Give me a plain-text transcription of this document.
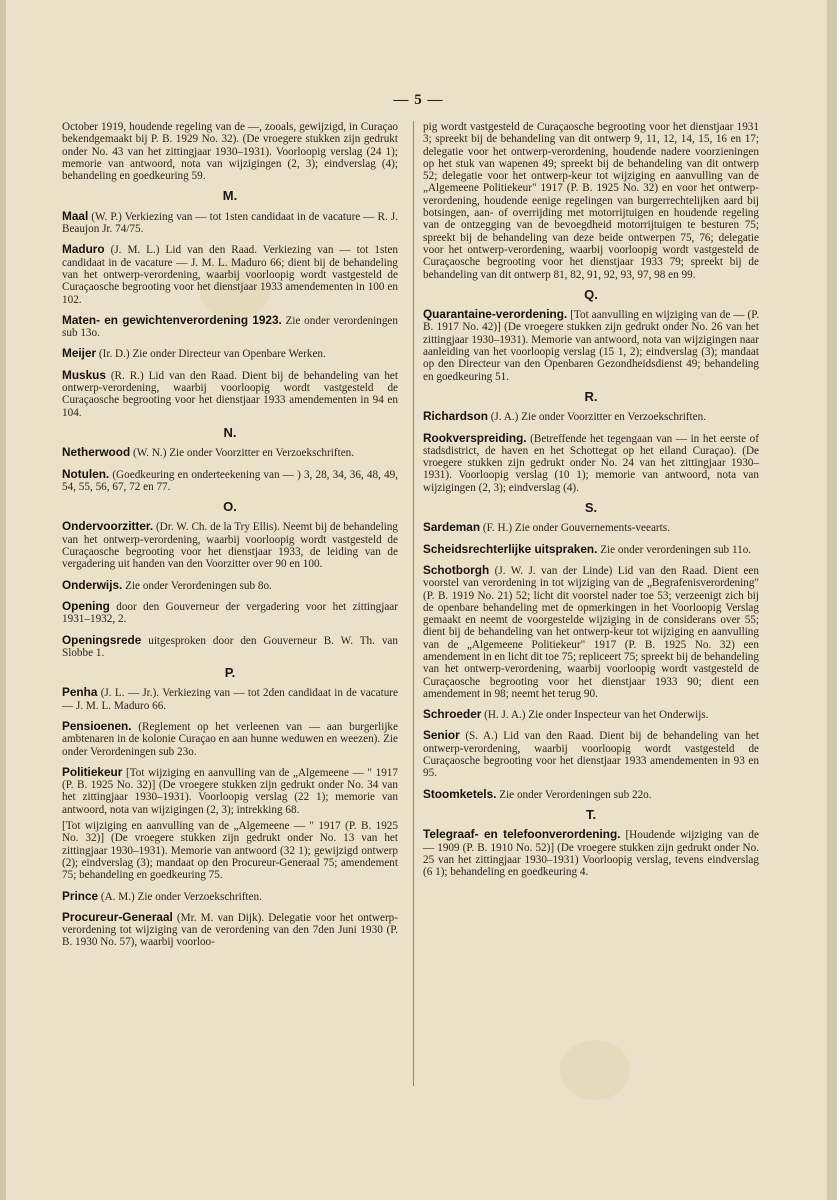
— 5 —

October 1919, houdende regeling van de —, zooals, gewijzigd, in Curaçao bekendgemaakt bij P. B. 1929 No. 32). (De vroegere stukken zijn gedrukt onder No. 43 van het zittingjaar 1930–1931). Voorloopig verslag (24 1); memorie van antwoord, nota van wijzigingen (2, 3); eindverslag (4); behandeling en goedkeuring 59.

M.

Maal (W. P.) Verkiezing van — tot 1sten candidaat in de vacature — R. J. Beaujon Jr. 74/75.

Maduro (J. M. L.) Lid van den Raad. Verkiezing van — tot 1sten candidaat in de vacature — J. M. L. Maduro 66; dient bij de behandeling van het ontwerp-verordening, waarbij voorloopig wordt vastgesteld de Curaçaosche begrooting voor het dienstjaar 1933 amendementen in 100 en 102.

Maten- en gewichtenverordening 1923. Zie onder verordeningen sub 13o.

Meijer (Ir. D.) Zie onder Directeur van Openbare Werken.

Muskus (R. R.) Lid van den Raad. Dient bij de behandeling van het ontwerp-verordening, waarbij voorloopig wordt vastgesteld de Curaçaosche begrooting voor het dienstjaar 1933 amendementen in 94 en 104.

N.

Netherwood (W. N.) Zie onder Voorzitter en Verzoekschriften.

Notulen. (Goedkeuring en onderteekening van — ) 3, 28, 34, 36, 48, 49, 54, 55, 56, 67, 72 en 77.

O.

Ondervoorzitter. (Dr. W. Ch. de la Try Ellis). Neemt bij de behandeling van het ontwerp-verordening, waarbij voorloopig wordt vastgesteld de Curaçaosche begrooting voor het dienstjaar 1933, de leiding van de vergadering uit handen van den Voorzitter over 90 en 100.

Onderwijs. Zie onder Verordeningen sub 8o.

Opening door den Gouverneur der vergadering voor het zittingjaar 1931–1932, 2.

Openingsrede uitgesproken door den Gouverneur B. W. Th. van Slobbe 1.

P.

Penha (J. L. — Jr.). Verkiezing van — tot 2den candidaat in de vacature — J. M. L. Maduro 66.

Pensioenen. (Reglement op het verleenen van — aan burgerlijke ambtenaren in de kolonie Curaçao en aan hunne weduwen en weezen). Zie onder Verordeningen sub 23o.

Politiekeur [Tot wijziging en aanvulling van de „Algemeene — " 1917 (P. B. 1925 No. 32)] (De vroegere stukken zijn gedrukt onder No. 34 van het zittingjaar 1930–1931). Voorloopig verslag (22 1); memorie van antwoord, nota van wijzigingen (2, 3); intrekking 68.

[Tot wijziging en aanvulling van de „Algemeene — " 1917 (P. B. 1925 No. 32)] (De vroegere stukken zijn gedrukt onder No. 13 van het zittingjaar 1930–1931). Memorie van antwoord (32 1); gewijzigd ontwerp (2); eindverslag (3); mandaat op den Procureur-Generaal 75; amendement 75; behandeling en goedkeuring 75.

Prince (A. M.) Zie onder Verzoekschriften.

Procureur-Generaal (Mr. M. van Dijk). Delegatie voor het ontwerp-verordening tot wijziging van de verordening van den 7den Juni 1930 (P. B. 1930 No. 57), waarbij voorloo-

pig wordt vastgesteld de Curaçaosche begrooting voor het dienstjaar 1931 3; spreekt bij de behandeling van dit ontwerp 9, 11, 12, 14, 15, 16 en 17; delegatie voor het ontwerp-verordening, houdende nadere voorzieningen op het stuk van wapenen 49; spreekt bij de behandeling van dit ontwerp 52; delegatie voor het ontwerp-keur tot wijziging en aanvulling van de „Algemeene Politiekeur" 1917 (P. B. 1925 No. 32) en voor het ontwerp-verordening, houdende eenige regelingen van burgerrechtelijken aard bij botsingen, aan- of overrijding met motorrijtuigen en houdende regeling van de ontzegging van de bevoegdheid motorrijtuigen te besturen 75; spreekt bij de behandeling van deze beide ontwerpen 75, 76; delegatie voor het ontwerp-verordening, waarbij voorloopig wordt vastgesteld de Curaçaosche begrooting voor het dienstjaar 1933 79; spreekt bij de behandeling van dit ontwerp 81, 82, 91, 92, 93, 97, 98 en 99.

Q.

Quarantaine-verordening. [Tot aanvulling en wijziging van de — (P. B. 1917 No. 42)] (De vroegere stukken zijn gedrukt onder No. 26 van het zittingjaar 1930–1931). Memorie van antwoord, nota van wijzigingen naar aanleiding van het voorloopig verslag (15 1, 2); eindverslag (3); mandaat op den Directeur van den Openbaren Gezondheidsdienst 49; behandeling en goedkeuring 51.

R.

Richardson (J. A.) Zie onder Voorzitter en Verzoekschriften.

Rookverspreiding. (Betreffende het tegengaan van — in het eerste of stadsdistrict, de haven en het Schottegat op het eiland Curaçao). (De vroegere stukken zijn gedrukt onder No. 24 van het zittingjaar 1930–1931). Voorloopig verslag (10 1); memorie van antwoord, nota van wijzigingen (2, 3); eindverslag (4).

S.

Sardeman (F. H.) Zie onder Gouvernements-veearts.

Scheidsrechterlijke uitspraken. Zie onder verordeningen sub 11o.

Schotborgh (J. W. J. van der Linde) Lid van den Raad. Dient een voorstel van verordening in tot wijziging van de „Begrafenisverordening" (P. B. 1919 No. 21) 52; licht dit voorstel nader toe 53; verzeenigt zich bij de openbare behandeling met de opmerkingen in het Voorloopig Verslag gemaakt en neemt de voorgestelde wijziging in de considerans over 55; dient bij de behandeling van het ontwerp-keur tot wijziging en aanvulling van de „Algemeene Politiekeur" 1917 (P. B. 1925 No. 32) een amendement in en licht dit toe 75; repliceert 75; spreekt bij de behandeling van het ontwerp-verordening, waarbij voorloopig wordt vastgesteld de Curaçaosche begrooting voor het dienstjaar 1933 90; dient een amendement in 98; neemt het terug 90.

Schroeder (H. J. A.) Zie onder Inspecteur van het Onderwijs.

Senior (S. A.) Lid van den Raad. Dient bij de behandeling van het ontwerp-verordening, waarbij voorloopig wordt vastgesteld de Curaçaosche begrooting voor het dienstjaar 1933 amendementen in 93 en 95.

Stoomketels. Zie onder Verordeningen sub 22o.

T.

Telegraaf- en telefoonverordening. [Houdende wijziging van de — 1909 (P. B. 1910 No. 52)] (De vroegere stukken zijn gedrukt onder No. 25 van het zittingjaar 1930–1931) Voorloopig verslag, tevens eindverslag (6 1); behandeling en goedkeuring 4.
